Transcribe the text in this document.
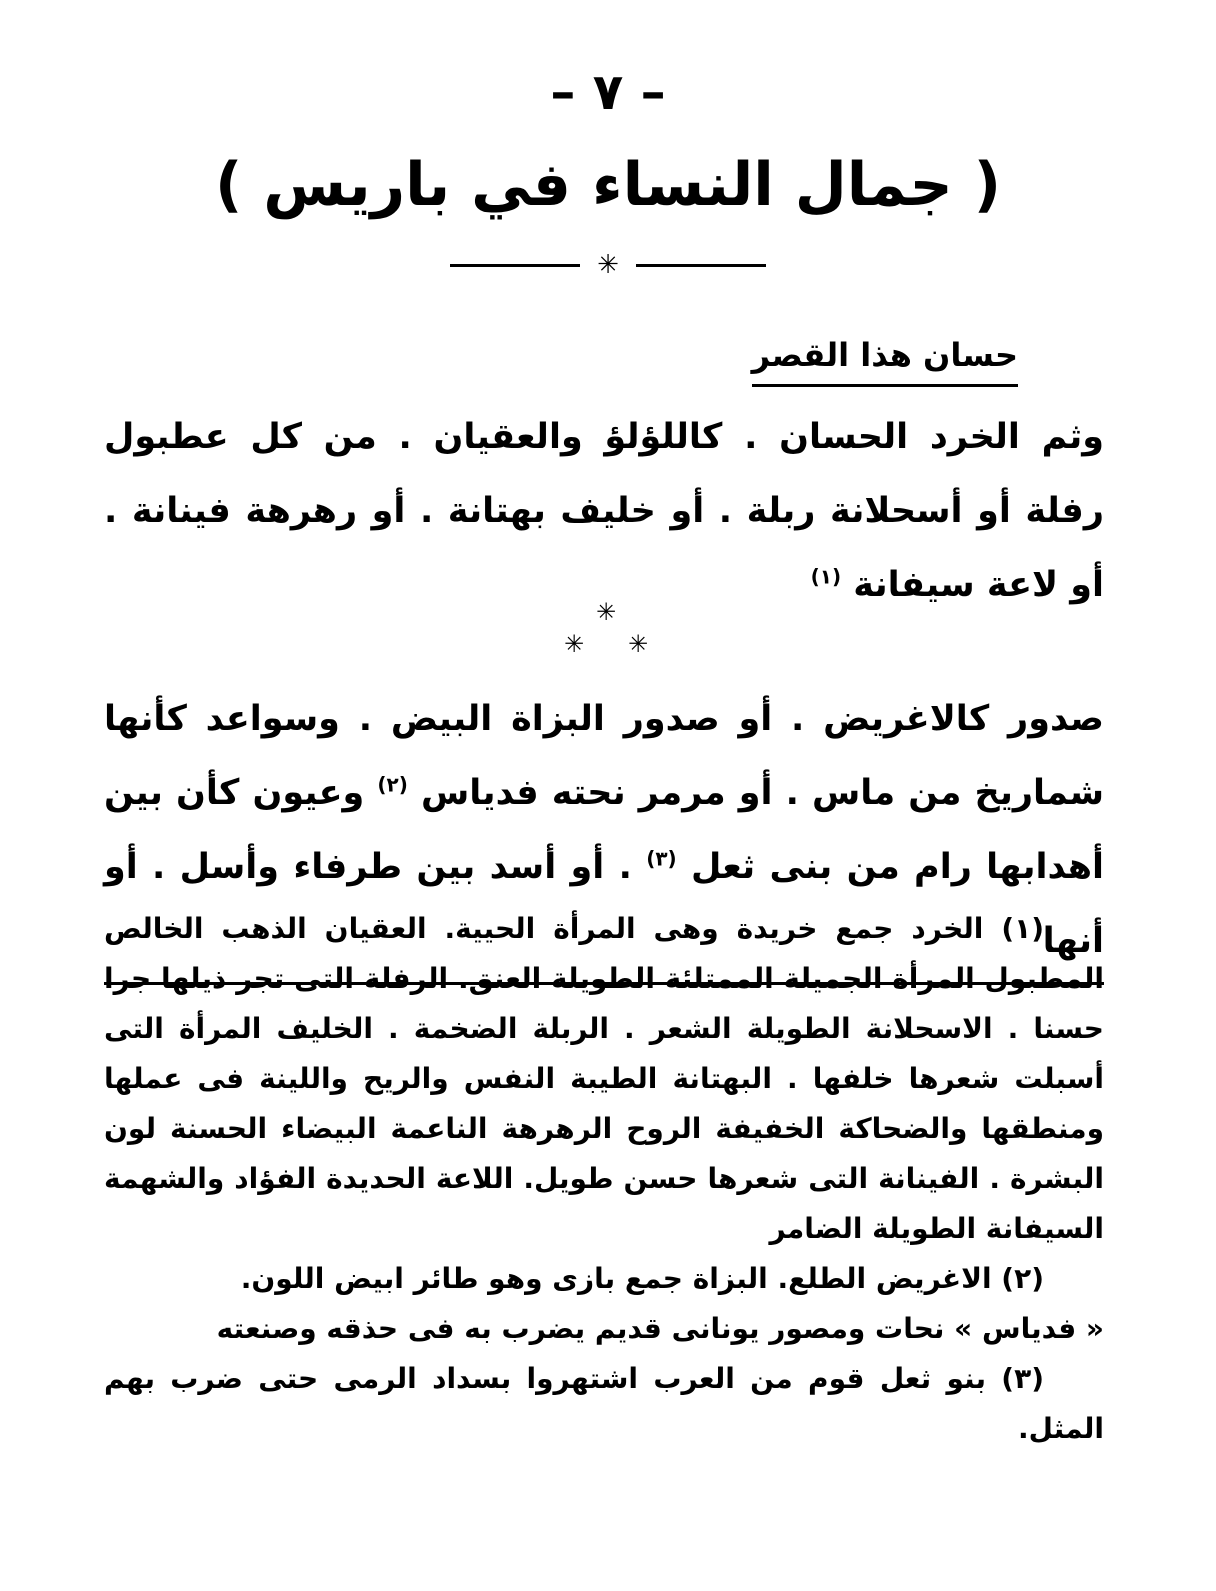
– ٧ –
( جمال النساء في باريس )
✳
حسان هذا القصر

وثم الخرد الحسان . كاللؤلؤ والعقيان . من كل عطبول رفلة أو أسحلانة ربلة . أو خليف بهتانة . أو رهرهة فينانة . أو لاعة سيفانة $^{(١)}$

✳
✳ ✳

صدور كالاغريض . أو صدور البزاة البيض . وسواعد كأنها شماريخ من ماس . أو مرمر نحته فدياس $^{(٢)}$ وعيون كأن بين أهدابها رام من بنى ثعل $^{(٣)}$ . أو أسد بين طرفاء وأسل . أو أنها

(١) الخرد جمع خريدة وهى المرأة الحيية. العقيان الذهب الخالص المطبول المرأة الجميلة الممتلئة الطويلة العنق. الرفلة التى تجر ذيلها جرا حسنا . الاسحلانة الطويلة الشعر . الربلة الضخمة . الخليف المرأة التى أسبلت شعرها خلفها . البهتانة الطيبة النفس والريح واللينة فى عملها ومنطقها والضحاكة الخفيفة الروح الرهرهة الناعمة البيضاء الحسنة لون البشرة . الفينانة التى شعرها حسن طويل. اللاعة الحديدة الفؤاد والشهمة السيفانة الطويلة الضامر

(٢) الاغريض الطلع. البزاة جمع بازى وهو طائر ابيض اللون.

« فدياس » نحات ومصور يونانى قديم يضرب به فى حذقه وصنعته

(٣) بنو ثعل قوم من العرب اشتهروا بسداد الرمى حتى ضرب بهم المثل.
